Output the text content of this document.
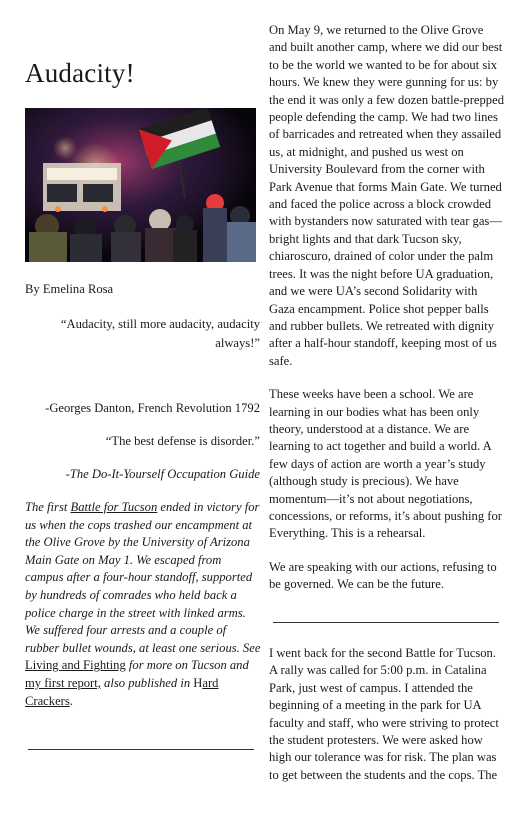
Audacity!
By Emelina Rosa
“Audacity, still more audacity, audacity always!”
-Georges Danton, French Revolution 1792
“The best defense is disorder.”
-The Do-It-Yourself Occupation Guide
The first Battle for Tucson ended in victory for us when the cops trashed our encampment at the Olive Grove by the University of Arizona Main Gate on May 1. We escaped from campus after a four-hour standoff, supported by hundreds of comrades who held back a police charge in the street with linked arms. We suffered four arrests and a couple of rubber bullet wounds, at least one serious. See Living and Fighting for more on Tucson and my first report, also published in Hard Crackers.

On May 9, we returned to the Olive Grove and built another camp, where we did our best to be the world we wanted to be for about six hours. We knew they were gunning for us: by the end it was only a few dozen battle-prepped people defending the camp. We had two lines of barricades and retreated when they assailed us, at midnight, and pushed us west on University Boulevard from the corner with Park Avenue that forms Main Gate. We turned and faced the police across a block crowded with bystanders now saturated with tear gas—bright lights and that dark Tucson sky, chiaroscuro, drained of color under the palm trees. It was the night before UA graduation, and we were UA’s second Solidarity with Gaza encampment. Police shot pepper balls and rubber bullets. We retreated with dignity after a half-hour standoff, keeping most of us safe.

These weeks have been a school. We are learning in our bodies what has been only theory, understood at a distance. We are learning to act together and build a world. A few days of action are worth a year’s study (although study is precious). We have momentum—it’s not about negotiations, concessions, or reforms, it’s about pushing for Everything. This is a rehearsal.

We are speaking with our actions, refusing to be governed. We can be the future.

I went back for the second Battle for Tucson. A rally was called for 5:00 p.m. in Catalina Park, just west of campus. I attended the beginning of a meeting in the park for UA faculty and staff, who were striving to protect the student protesters. We were asked how high our tolerance was for risk. The plan was to get between the students and the cops. The
